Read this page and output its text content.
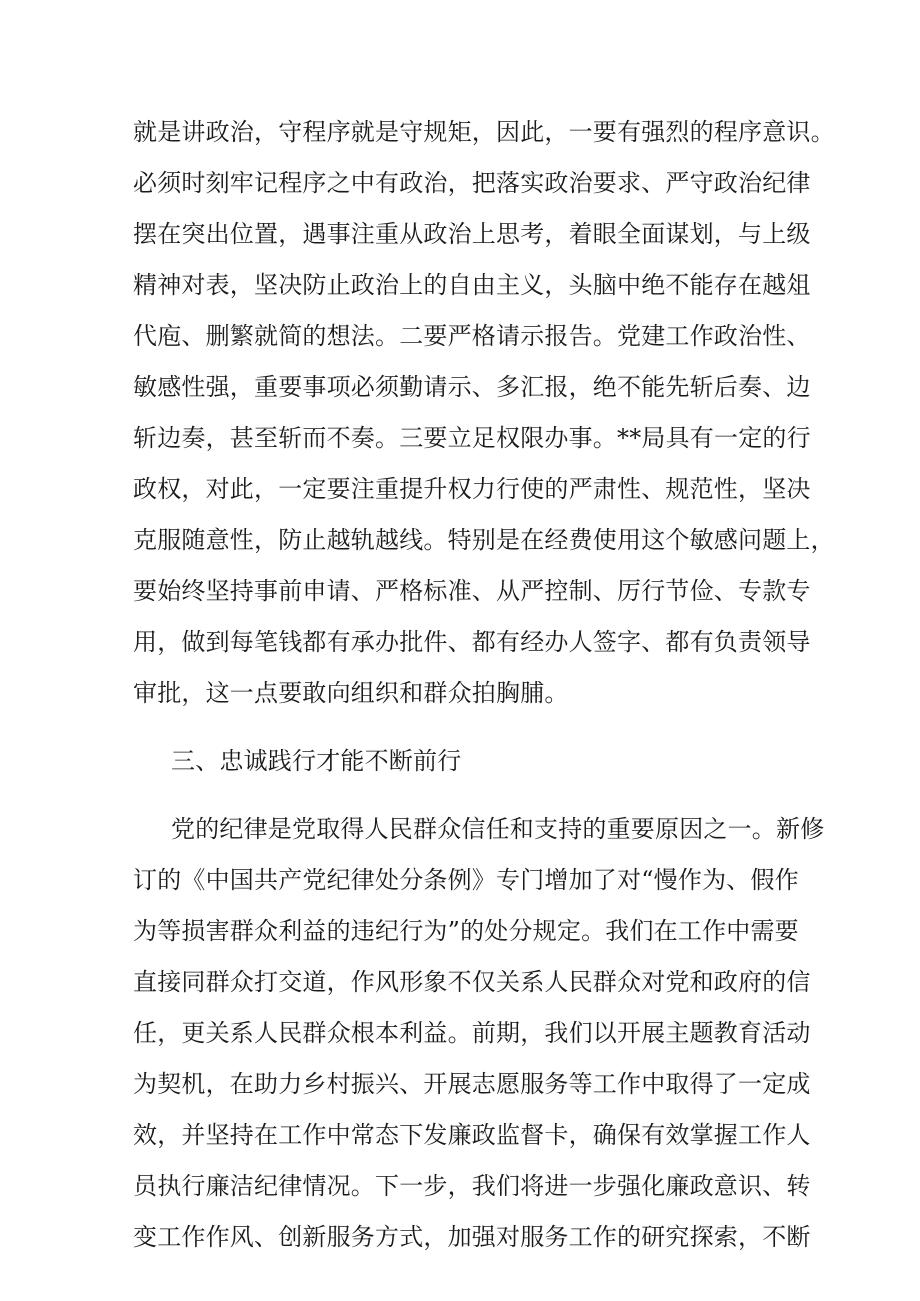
就是讲政治，守程序就是守规矩，因此，一要有强烈的程序意识。
必须时刻牢记程序之中有政治，把落实政治要求、严守政治纪律
摆在突出位置，遇事注重从政治上思考，着眼全面谋划，与上级
精神对表，坚决防止政治上的自由主义，头脑中绝不能存在越俎
代庖、删繁就简的想法。二要严格请示报告。党建工作政治性、
敏感性强，重要事项必须勤请示、多汇报，绝不能先斩后奏、边
斩边奏，甚至斩而不奏。三要立足权限办事。**局具有一定的行
政权，对此，一定要注重提升权力行使的严肃性、规范性，坚决
克服随意性，防止越轨越线。特别是在经费使用这个敏感问题上，
要始终坚持事前申请、严格标准、从严控制、厉行节俭、专款专
用，做到每笔钱都有承办批件、都有经办人签字、都有负责领导
审批，这一点要敢向组织和群众拍胸脯。
三、忠诚践行才能不断前行
党的纪律是党取得人民群众信任和支持的重要原因之一。新修
订的《中国共产党纪律处分条例》专门增加了对“慢作为、假作
为等损害群众利益的违纪行为”的处分规定。我们在工作中需要
直接同群众打交道，作风形象不仅关系人民群众对党和政府的信
任，更关系人民群众根本利益。前期，我们以开展主题教育活动
为契机，在助力乡村振兴、开展志愿服务等工作中取得了一定成
效，并坚持在工作中常态下发廉政监督卡，确保有效掌握工作人
员执行廉洁纪律情况。下一步，我们将进一步强化廉政意识、转
变工作作风、创新服务方式，加强对服务工作的研究探索，不断
